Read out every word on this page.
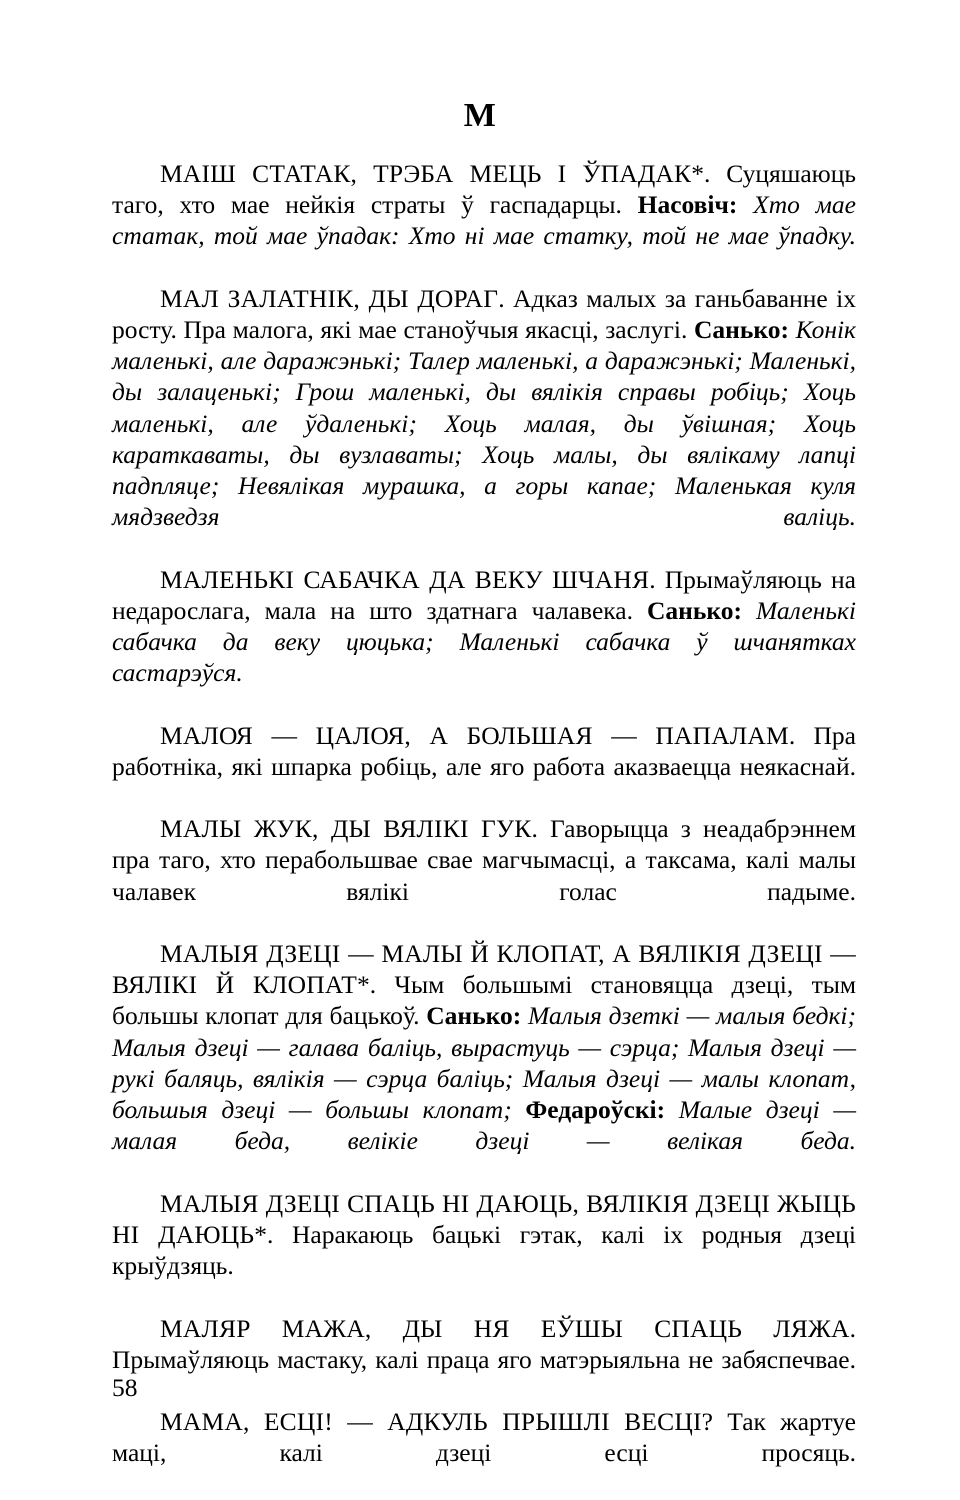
М

МАІШ СТАТАК, ТРЭБА МЕЦЬ І ЎПАДАК*. Суцяшаюць таго, хто мае нейкія страты ў гаспадарцы. Насовіч: Хто мае статак, той мае ўпадак: Хто ні мае статку, той не мае ўпадку.

МАЛ ЗАЛАТНІК, ДЫ ДОРАГ. Адказ малых за ганьбаванне іх росту. Пра малога, які мае станоўчыя якасці, заслугі. Санько: Конік маленькі, але даражэнькі; Талер маленькі, а даражэнькі; Маленькі, ды залаценькі; Грош маленькі, ды вялікія справы робіць; Хоць маленькі, але ўдаленькі; Хоць малая, ды ўвішная; Хоць караткаваты, ды вузлаваты; Хоць малы, ды вялікаму лапці падпляце; Невялікая мурашка, а горы капае; Маленькая куля мядзведзя валіць.

МАЛЕНЬКІ САБАЧКА ДА ВЕКУ ШЧАНЯ. Прымаўляюць на недарослага, мала на што здатнага чалавека. Санько: Маленькі сабачка да веку цюцька; Маленькі сабачка ў шчанятках састарэўся.

МАЛОЯ — ЦАЛОЯ, А БОЛЬШАЯ — ПАПАЛАМ. Пра работніка, які шпарка робіць, але яго работа аказваецца неякаснай.

МАЛЫ ЖУК, ДЫ ВЯЛІКІ ГУК. Гаворыцца з неадабрэннем пра таго, хто перабольшвае свае магчымасці, а таксама, калі малы чалавек вялікі голас падыме.

МАЛЫЯ ДЗЕЦІ — МАЛЫ Й КЛОПАТ, А ВЯЛІКІЯ ДЗЕЦІ — ВЯЛІКІ Й КЛОПАТ*. Чым большымі становяцца дзеці, тым большы клопат для бацькоў. Санько: Малыя дзеткі — малыя бедкі; Малыя дзеці — галава баліць, вырастуць — сэрца; Малыя дзеці — рукі баляць, вялікія — сэрца баліць; Малыя дзеці — малы клопат, большыя дзеці — большы клопат; Федароўскі: Малые дзеці — малая беда, велікіе дзеці — велікая беда.

МАЛЫЯ ДЗЕЦІ СПАЦЬ НІ ДАЮЦЬ, ВЯЛІКІЯ ДЗЕЦІ ЖЫЦЬ НІ ДАЮЦЬ*. Наракаюць бацькі гэтак, калі іх родныя дзеці крыўдзяць.

МАЛЯР МАЖА, ДЫ НЯ ЕЎШЫ СПАЦЬ ЛЯЖА. Прымаўляюць мастаку, калі праца яго матэрыяльна не забяспечвае.

МАМА, ЕСЦІ! — АДКУЛЬ ПРЫШЛІ ВЕСЦІ? Так жартуе маці, калі дзеці есці просяць.

58
